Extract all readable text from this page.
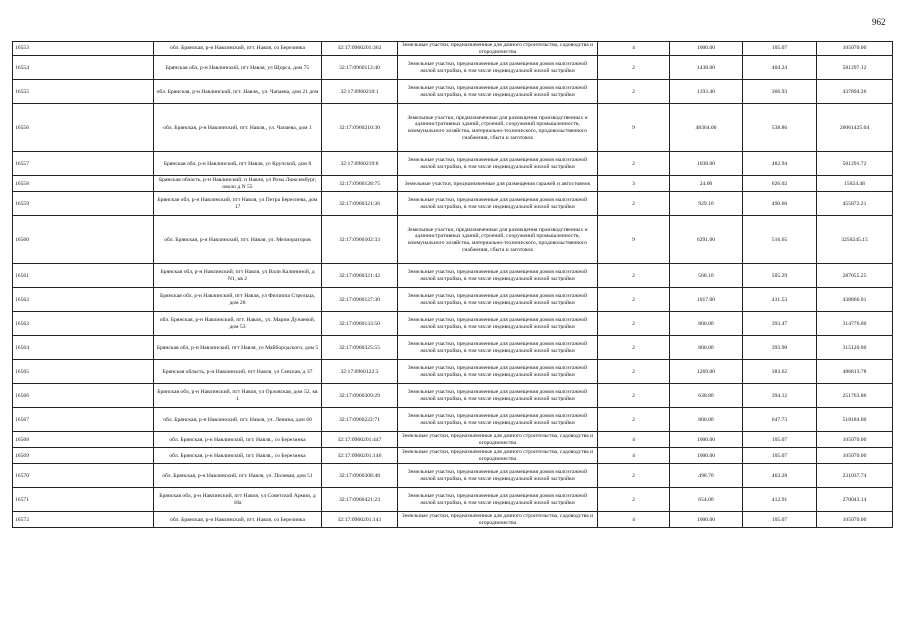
962
16553	обл. Брянская, р-н Навлинский, пгт. Навля, со Березинка	32:17:0960201:362	Земельные участки, предназначенные для дачного строительства, садоводства и огородничества	4	1000.00	105.07	105070.00
16554	Брянская обл, р-н Навлинский, пгт Навля, ул Щорса, дом 75	32:17:0960112:40	Земельные участки, предназначенные для размещения домов малоэтажной жилой застройки, в том числе индивидуальной жилой застройки	2	1438.00	404.24	581297.12
16555	обл. Брянская, р-н Навлинский, пгт. Навля,, ул. Чапаева, дом 21 дом	32:17:0960210:1	Земельные участки, предназначенные для размещения домов малоэтажной жилой застройки, в том числе индивидуальной жилой застройки	2	1193.40	366.93	437894.26
16556	обл. Брянская, р-н Навлинский, пгт. Навля,, ул. Чапаева, дом 1	32:17:0960210:30	Земельные участки, предназначенные для размещения производственных и административных зданий, строений, сооружений промышленности, коммунального хозяйства, материально-технического, продовольственного снабжения, сбыта и заготовок	9	48364.00	538.86	26061425.04
16557	Брянская обл, р-н Навлинский, пгт Навля, ул Крупской, дом 8	32:17:0960219:8	Земельные участки, предназначенные для размещения домов малоэтажной жилой застройки, в том числе индивидуальной жилой застройки	2	1038.00	482.94	501291.72
16558	Брянская область, р-н Навлинский, п Навля, ул Розы Люксембург, около д N 55	32:17:0960128:75	Земельные участки, предназначенные для размещения гаражей и автостоянок	3	24.00	626.02	15024.48
16559	Брянская обл, р-н Навлинский, пгт Навля, ул Петра Бересиева, дом 17	32:17:0960321:36	Земельные участки, предназначенные для размещения домов малоэтажной жилой застройки, в том числе индивидуальной жилой застройки	2	929.10	490.66	455872.21
16560	обл. Брянская, р-н Навлинский, пгт. Навля, ул. Мелиораторов	32:17:0960102:33	Земельные участки, предназначенные для размещения производственных и административных зданий, строений, сооружений промышленности, коммунального хозяйства, материально-технического, продовольственного снабжения, сбыта и заготовок	9	6291.00	516.65	3250245.15
16561	Брянская обл, р-н Навлинский, пгт Навля, ул Вали Калининой, д N1, кв 2	32:17:0960321:42	Земельные участки, предназначенные для размещения домов малоэтажной жилой застройки, в том числе индивидуальной жилой застройки	2	568.10	505.29	287055.25
16562	Брянская обл, р-н Навлинский, пгт Навля, ул Филиппа Стрельца, дом 28	32:17:0960127:30	Земельные участки, предназначенные для размещения домов малоэтажной жилой застройки, в том числе индивидуальной жилой застройки	2	1017.00	431.53	438866.01
16563	обл. Брянская, р-н Навлинский, пгт. Навля,, ул. Марии Дунаевой, дом 53	32:17:0960133:50	Земельные участки, предназначенные для размещения домов малоэтажной жилой застройки, в том числе индивидуальной жилой застройки	2	800.00	393.47	314776.00
16564	Брянская обл, р-н Навлинский, пгт Навля, ул Майбородского, дом 5	32:17:0960325:55	Земельные участки, предназначенные для размещения домов малоэтажной жилой застройки, в том числе индивидуальной жилой застройки	2	800.00	393.90	315120.00
16565	Брянская область, р-н Навлинский, пгт Навля, ул Севская, д 37	32:17:0960122:3	Земельные участки, предназначенные для размещения домов малоэтажной жилой застройки, в том числе индивидуальной жилой застройки	2	1269.00	383.62	486813.78
16566	Брянская обл, р-н Навлинский, пгт Навля, ул Орловская, дом 52, кв 1	32:17:0960309:29	Земельные участки, предназначенные для размещения домов малоэтажной жилой застройки, в том числе индивидуальной жилой застройки	2	638.80	394.12	251763.86
16567	обл. Брянская, р-н Навлинский, пгт. Навля, ул. Ленина, дом 60	32:17:0960222:71	Земельные участки, предназначенные для размещения домов малоэтажной жилой застройки, в том числе индивидуальной жилой застройки	2	800.00	647.73	518184.00
16568	обл. Брянская, р-н Навлинский, пгт. Навля,, со Березинка	32:17:0960201:447	Земельные участки, предназначенные для дачного строительства, садоводства и огородничества	4	1000.00	105.07	105070.00
16569	обл. Брянская, р-н Навлинский, пгт. Навля,, со Березинка	32:17:0960201:146	Земельные участки, предназначенные для дачного строительства, садоводства и огородничества	4	1000.00	105.07	105070.00
16570	обл. Брянская, р-н Навлинский, пгт. Навля, ул. Полевая, дом 51	32:17:0960308:48	Земельные участки, предназначенные для размещения домов малоэтажной жилой застройки, в том числе индивидуальной жилой застройки	2	498.70	463.28	231037.74
16571	Брянская обл, р-н Навлинский, пгт Навля, ул Советской Армии, д 18а	32:17:0960421:23	Земельные участки, предназначенные для размещения домов малоэтажной жилой застройки, в том числе индивидуальной жилой застройки	2	654.00	412.91	270043.14
16572	обл. Брянская, р-н Навлинский, пгт. Навля, со Березинка	32:17:0960201:141	Земельные участки, предназначенные для дачного строительства, садоводства и огородничества	4	1000.00	105.07	105070.00
